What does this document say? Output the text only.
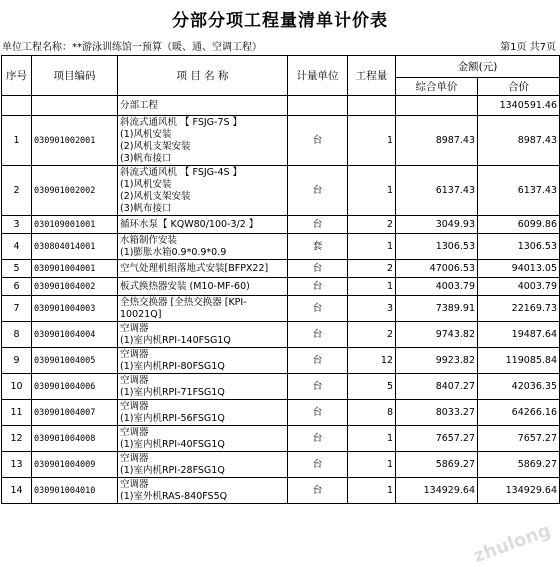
分部分项工程量清单计价表
单位工程名称：**游泳训练馆一预算（暖、通、空调工程）	第1页 共7页
序号	项目编码	项 目 名 称	计量单位	工程量	金额(元)	
					综合单价	合价
		分部工程				1340591.46
1	030901002001	斜流式通风机 【 FSJG-7S 】
(1)风机安装
(2)风机支架安装
(3)帆布接口	台	1	8987.43	8987.43
2	030901002002	斜流式通风机 【 FSJG-4S 】
(1)风机安装
(2)风机支架安装
(3)帆布接口	台	1	6137.43	6137.43
3	030109001001	循环水泵【 KQW80/100-3/2 】	台	2	3049.93	6099.86
4	030804014001	水箱制作安装
(1)膨胀水箱0.9*0.9*0.9	套	1	1306.53	1306.53
5	030901004001	空气处理机组落地式安装[BFPX22]	台	2	47006.53	94013.05
6	030901004002	板式换热器安装 (M10-MF-60)	台	1	4003.79	4003.79
7	030901004003	全热交换器 [全热交换器 [KPI-
10021Q]	台	3	7389.91	22169.73
8	030901004004	空调器
(1)室内机RPI-140FSG1Q	台	2	9743.82	19487.64
9	030901004005	空调器
(1)室内机RPI-80FSG1Q	台	12	9923.82	119085.84
10	030901004006	空调器
(1)室内机RPI-71FSG1Q	台	5	8407.27	42036.35
11	030901004007	空调器
(1)室内机RPI-56FSG1Q	台	8	8033.27	64266.16
12	030901004008	空调器
(1)室内机RPI-40FSG1Q	台	1	7657.27	7657.27
13	030901004009	空调器
(1)室内机RPI-28FSG1Q	台	1	5869.27	5869.27
14	030901004010	空调器
(1)室外机RAS-840FS5Q	台	1	134929.64	134929.64
zhulong
